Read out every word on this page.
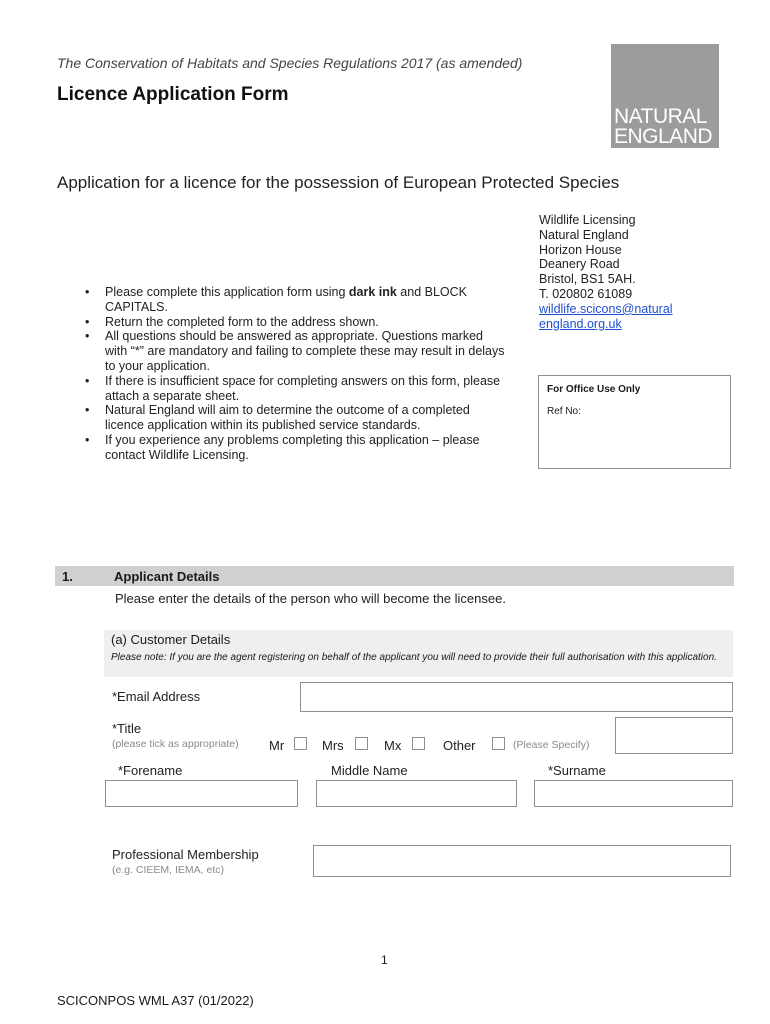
The Conservation of Habitats and Species Regulations 2017 (as amended)
Licence Application Form
NATURAL
ENGLAND
Application for a licence for the possession of European Protected Species
Wildlife Licensing
Natural England
Horizon House
Deanery Road
Bristol, BS1 5AH.
T. 020802 61089
wildlife.scicons@natural
england.org.uk
For Office Use Only
Ref No:
• Please complete this application form using dark ink and BLOCK CAPITALS.
• Return the completed form to the address shown.
• All questions should be answered as appropriate. Questions marked with “*” are mandatory and failing to complete these may result in delays to your application.
• If there is insufficient space for completing answers on this form, please attach a separate sheet.
• Natural England will aim to determine the outcome of a completed licence application within its published service standards.
• If you experience any problems completing this application – please contact Wildlife Licensing.
1.	Applicant Details
Please enter the details of the person who will become the licensee.
(a) Customer Details
Please note: If you are the agent registering on behalf of the applicant you will need to provide their full authorisation with this application.
*Email Address
*Title
(please tick as appropriate) Mr	Mrs	Mx	Other	(Please Specify)
*Forename	Middle Name	*Surname
Professional Membership
(e.g. CIEEM, IEMA, etc)
1
SCICONPOS WML A37 (01/2022)
